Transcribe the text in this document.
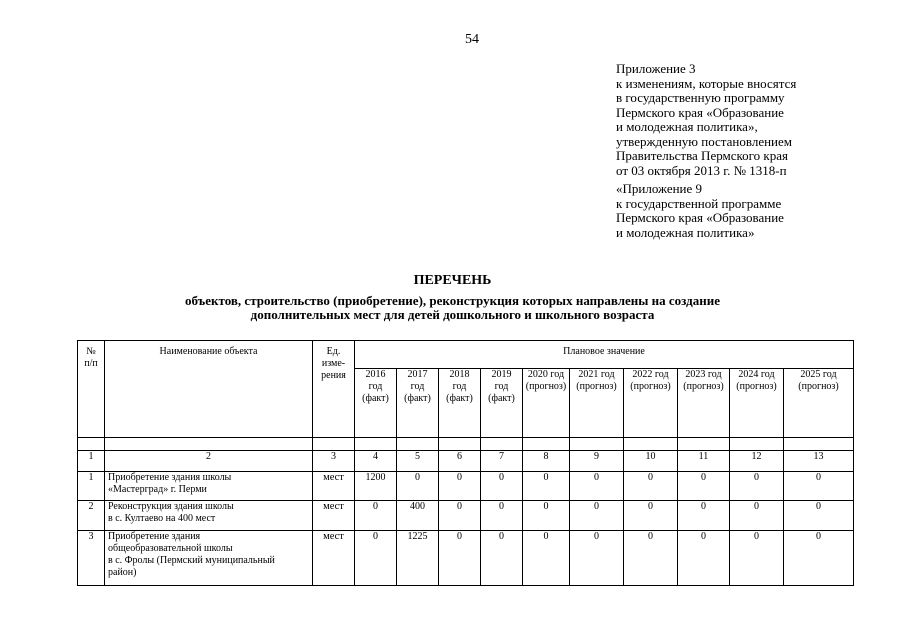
54
Приложение 3
к изменениям, которые вносятся
в государственную программу
Пермского края «Образование
и молодежная политика»,
утвержденную постановлением
Правительства Пермского края
от 03 октября 2013 г. № 1318-п
«Приложение 9
к государственной программе
Пермского края «Образование
и молодежная политика»
ПЕРЕЧЕНЬ
объектов, строительство (приобретение), реконструкция которых направлены на создание
дополнительных мест для детей дошкольного и школьного возраста
№
п/п	Наименование объекта	Ед.
изме-
рения	Плановое значение									

			2016
год
(факт)	2017
год
(факт)	2018
год
(факт)	2019
год
(факт)	2020 год
(прогноз)	2021 год
(прогноз)	2022 год
(прогноз)	2023 год
(прогноз)	2024 год
(прогноз)	2025 год
(прогноз)

1	2	3	4	5	6	7	8	9	10	11	12	13
1	Приобретение здания школы
«Мастерград» г. Перми	мест	1200	0	0	0	0	0	0	0	0	0
2	Реконструкция здания школы
в с. Култаево на 400 мест	мест	0	400	0	0	0	0	0	0	0	0
3	Приобретение здания
общеобразовательной школы
в с. Фролы (Пермский муниципальный
район)	мест	0	1225	0	0	0	0	0	0	0	0
